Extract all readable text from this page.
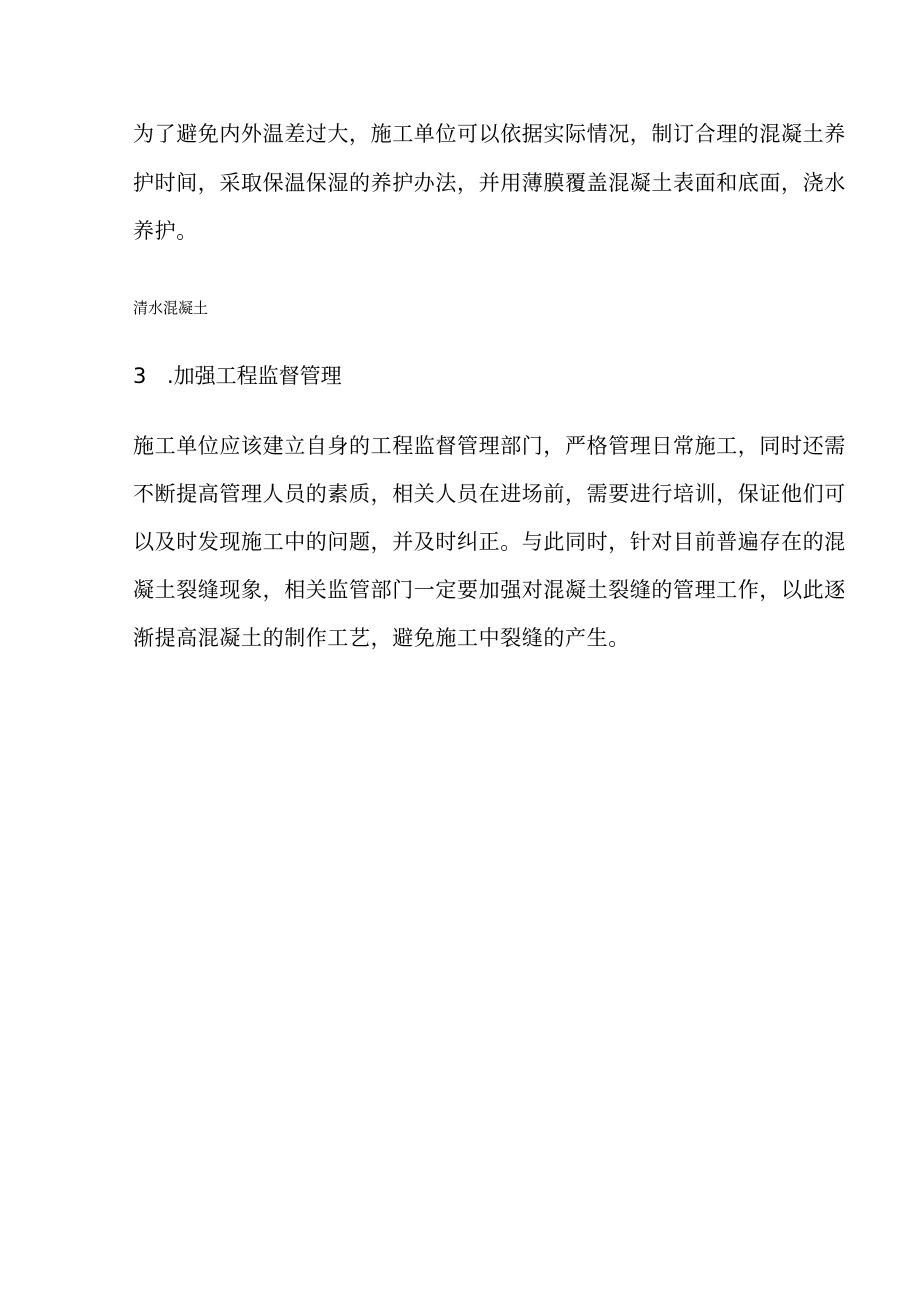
为了避免内外温差过大，施工单位可以依据实际情况，制订合理的混凝土养
护时间，采取保温保湿的养护办法，并用薄膜覆盖混凝土表面和底面，浇水
养护。
清水混凝土
3 .加强工程监督管理
施工单位应该建立自身的工程监督管理部门，严格管理日常施工，同时还需
不断提高管理人员的素质，相关人员在进场前，需要进行培训，保证他们可
以及时发现施工中的问题，并及时纠正。与此同时，针对目前普遍存在的混
凝土裂缝现象，相关监管部门一定要加强对混凝土裂缝的管理工作，以此逐
渐提高混凝土的制作工艺，避免施工中裂缝的产生。
